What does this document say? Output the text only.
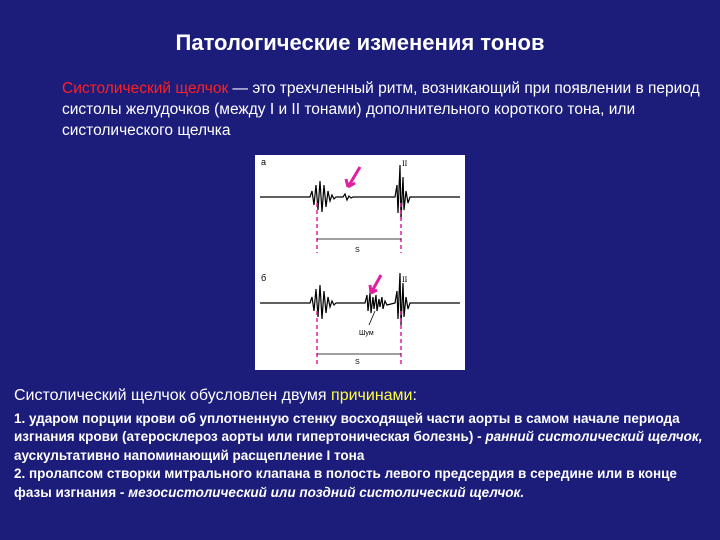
Патологические изменения тонов
Систолический щелчок — это трехчленный ритм, возникающий при появлении в период систолы желудочков (между I и II тонами) дополнительного короткого тона, или систолического щелчка
а	II
S
б	II
Шум
S
Систолический щелчок обусловлен двумя причинами:

1. ударом порции крови об уплотненную стенку восходящей части аорты в самом начале периода изгнания крови (атеросклероз аорты или гипертоническая болезнь) - ранний систолический щелчок, аускультативно напоминающий расщепление I тона

2. пролапсом створки митрального клапана в полость левого предсердия в середине или в конце фазы изгнания - мезосистолический или поздний систолический щелчок.
